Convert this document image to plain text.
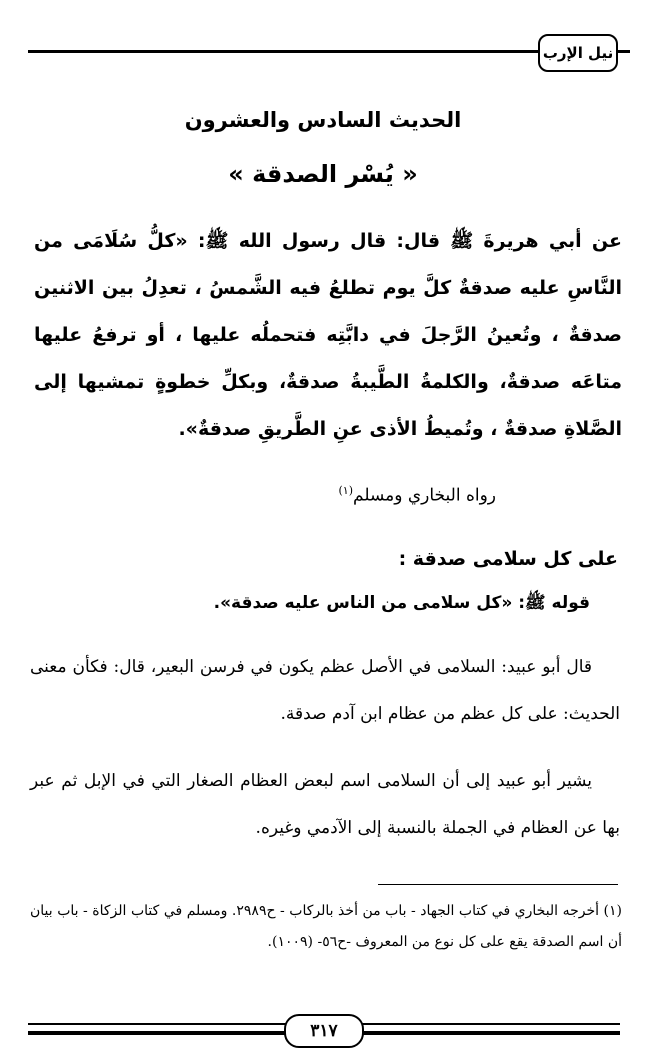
نيل الإرب
الحديث السادس والعشرون
« يُسْر الصدقة »
عن أبي هريرةَ ﷺ قال: قال رسول الله ﷺ: «كلُّ سُلَامَى من النَّاسِ عليه صدقةٌ كلَّ يوم تطلعُ فيه الشَّمسُ ، تعدِلُ بين الاثنين صدقةٌ ، وتُعينُ الرَّجلَ في دابَّتِه فتحملُه عليها ، أو ترفعُ عليها متاعَه صدقةٌ، والكلمةُ الطَّيبةُ صدقةٌ، وبكلِّ خطوةٍ تمشيها إلى الصَّلاةِ صدقةٌ ، وتُميطُ الأذى عنِ الطَّريقِ صدقةٌ».
رواه البخاري ومسلم$^{(١)}$
على كل سلامى صدقة :
قوله ﷺ: «كل سلامى من الناس عليه صدقة».
قال أبو عبيد: السلامى في الأصل عظم يكون في فرسن البعير، قال: فكأن معنى الحديث: على كل عظم من عظام ابن آدم صدقة.
يشير أبو عبيد إلى أن السلامى اسم لبعض العظام الصغار التي في الإبل ثم عبر بها عن العظام في الجملة بالنسبة إلى الآدمي وغيره.
(١) أخرجه البخاري في كتاب الجهاد - باب من أخذ بالركاب - ح٢٩٨٩. ومسلم في كتاب الزكاة - باب بيان أن اسم الصدقة يقع على كل نوع من المعروف -ح٥٦- (١٠٠٩).
٣١٧
